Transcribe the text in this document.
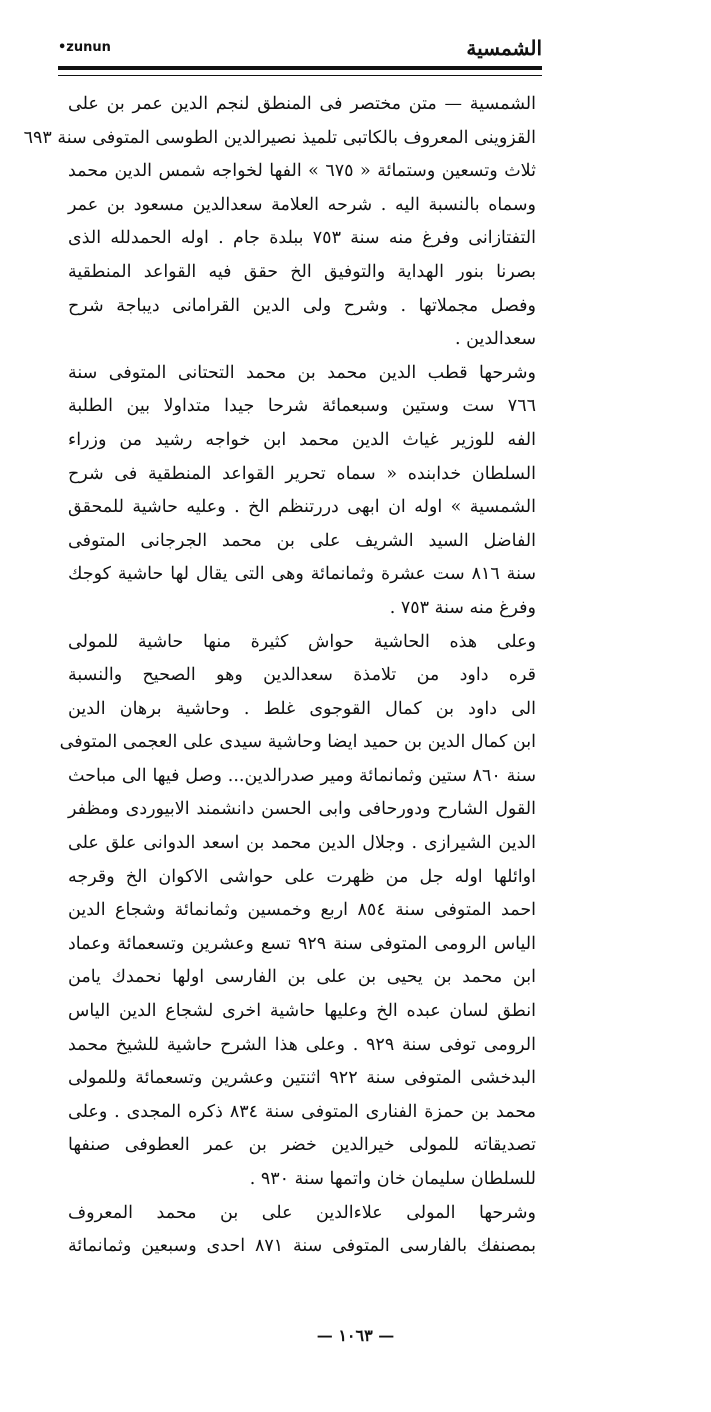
الشمسية
•zunun
الشمسية — متن مختصر فى المنطق لنجم الدين عمر بن على
القزوينى المعروف بالكاتبى تلميذ نصيرالدين الطوسى المتوفى سنة ٦٩٣
ثلاث وتسعين وستمائة « ٦٧٥ » الفها لخواجه شمس الدين محمد
وسماه بالنسبة اليه . شرحه العلامة سعدالدين مسعود بن عمر
التفتازانى وفرغ منه سنة ٧٥٣ ببلدة جام . اوله الحمدلله الذى
بصرنا بنور الهداية والتوفيق الخ حقق فيه القواعد المنطقية
وفصل مجملاتها . وشرح ولى الدين القرامانى ديباجة شرح
سعدالدين .
وشرحها قطب الدين محمد بن محمد التحتانى المتوفى سنة
٧٦٦ ست وستين وسبعمائة شرحا جيدا متداولا بين الطلبة
الفه للوزير غياث الدين محمد ابن خواجه رشيد من وزراء
السلطان خدابنده « سماه تحرير القواعد المنطقية فى شرح
الشمسية » اوله ان ابهى دررتنظم الخ . وعليه حاشية للمحقق
الفاضل السيد الشريف على بن محمد الجرجانى المتوفى
سنة ٨١٦ ست عشرة وثمانمائة وهى التى يقال لها حاشية كوجك
وفرغ منه سنة ٧٥٣ .
وعلى هذه الحاشية حواش كثيرة منها حاشية للمولى
قره داود من تلامذة سعدالدين وهو الصحيح والنسبة
الى داود بن كمال القوجوى غلط . وحاشية برهان الدين
ابن كمال الدين بن حميد ايضا وحاشية سيدى على العجمى المتوفى
سنة ٨٦٠ ستين وثمانمائة ومير صدرالدين... وصل فيها الى مباحث
القول الشارح ودورحافى وابى الحسن دانشمند الابيوردى ومظفر
الدين الشيرازى . وجلال الدين محمد بن اسعد الدوانى علق على
اوائلها اوله جل من ظهرت على حواشى الاكوان الخ وقرجه
احمد المتوفى سنة ٨٥٤ اربع وخمسين وثمانمائة وشجاع الدين
الياس الرومى المتوفى سنة ٩٢٩ تسع وعشرين وتسعمائة وعماد
ابن محمد بن يحيى بن على بن الفارسى اولها نحمدك يامن
انطق لسان عبده الخ وعليها حاشية اخرى لشجاع الدين الياس
الرومى توفى سنة ٩٢٩ . وعلى هذا الشرح حاشية للشيخ محمد
البدخشى المتوفى سنة ٩٢٢ اثنتين وعشرين وتسعمائة وللمولى
محمد بن حمزة الفنارى المتوفى سنة ٨٣٤ ذكره المجدى . وعلى
تصديقاته للمولى خيرالدين خضر بن عمر العطوفى صنفها
للسلطان سليمان خان واتمها سنة ٩٣٠ .
وشرحها المولى علاءالدين على بن محمد المعروف
بمصنفك بالفارسى المتوفى سنة ٨٧١ احدى وسبعين وثمانمائة
— ١٠٦٣ —
